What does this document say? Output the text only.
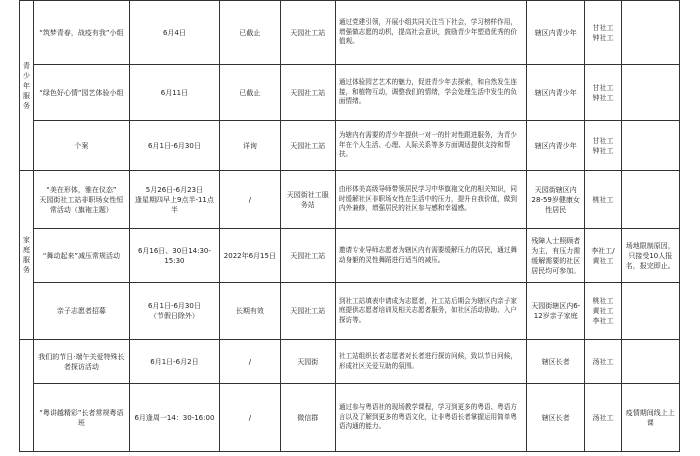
青少年服务	“筑梦青春，战疫有我”小组	6月4日	已截止	天园社工站	通过党建引领，开展小组共同关注当下社会，学习榜样作用，增强做志愿的动机，提高社会意识，鼓励青少年塑造优秀的价值观。	辖区内青少年	甘社工
钟社工	
	“绿色好心情”园艺体验小组	6月11日	已截止	天园社工站	通过体验园艺艺术的魅力，促进青少年去探索，和自然发生连接，和植物互动，调整我们的情绪，学会处理生活中发生的负面情绪。	辖区内青少年	甘社工
钟社工	
	个案	6月1日-6月30日	详询	天园社工站	为辖内有需要的青少年提供一对一的针对性跟进服务，为青少年在个人生活、心理、人际关系等多方面调适提供支持和帮扶。	辖区内青少年	甘社工
钟社工	
家庭服务	“美在形体，雅在仪态”
天园街社工站非职场女性恒常活动（旗袍主题）	5月26日-6月23日
逢星期四早上9点半-11点半	/	天园街社工服务站	由形体美高级导师带领居民学习中华旗袍文化的相关知识，同时缓解社区非职场女性在生活中的压力，提升自我价值，做到内外兼修，增强居民的社区参与感和幸福感。	天园街辖区内28-59岁健康女性居民	桃社工	
	“舞动起来”减压常规活动	6月16日、30日14:30-15:30	2022年6月15日	天园社工站	邀请专业导师志愿者为辖区内有需要缓解压力的居民，通过舞动身躯的灵性舞蹈进行适当的减压。	残障人士照顾者为主，有压力需缓解需要的社区居民均可参加。	李社工/黄社工	场地限制原因，只接受10人报名，报完即止。
	亲子志愿者招募	6月1日-6月30日
（节假日除外）	长期有效	天园社工站	到社工站填表申请成为志愿者，社工站后期会为辖区内亲子家庭提供志愿者培训及相关志愿者服务，如社区活动协助、入户探访等。	天园街辖区内6-12岁亲子家庭	桃社工
黄社工
李社工	
	我们的节日·端午关爱特殊长者探访活动	6月1日-6月2日	/	天园街	社工站组织长者志愿者对长者进行探访问候，致以节日问候，形成社区关爱互助的氛围。	辖区长者	汤社工	
	“粤讲越精彩”长者常规粤语班	6月逢周一14：30-16:00	/	微信群	通过参与粤语社的现场教学课程，学习到更多的粤语、粤语方言以及了解到更多的粤语文化，让非粤语长者掌握运用简单粤语沟通的能力。	辖区长者	汤社工	疫情期间线上上课
